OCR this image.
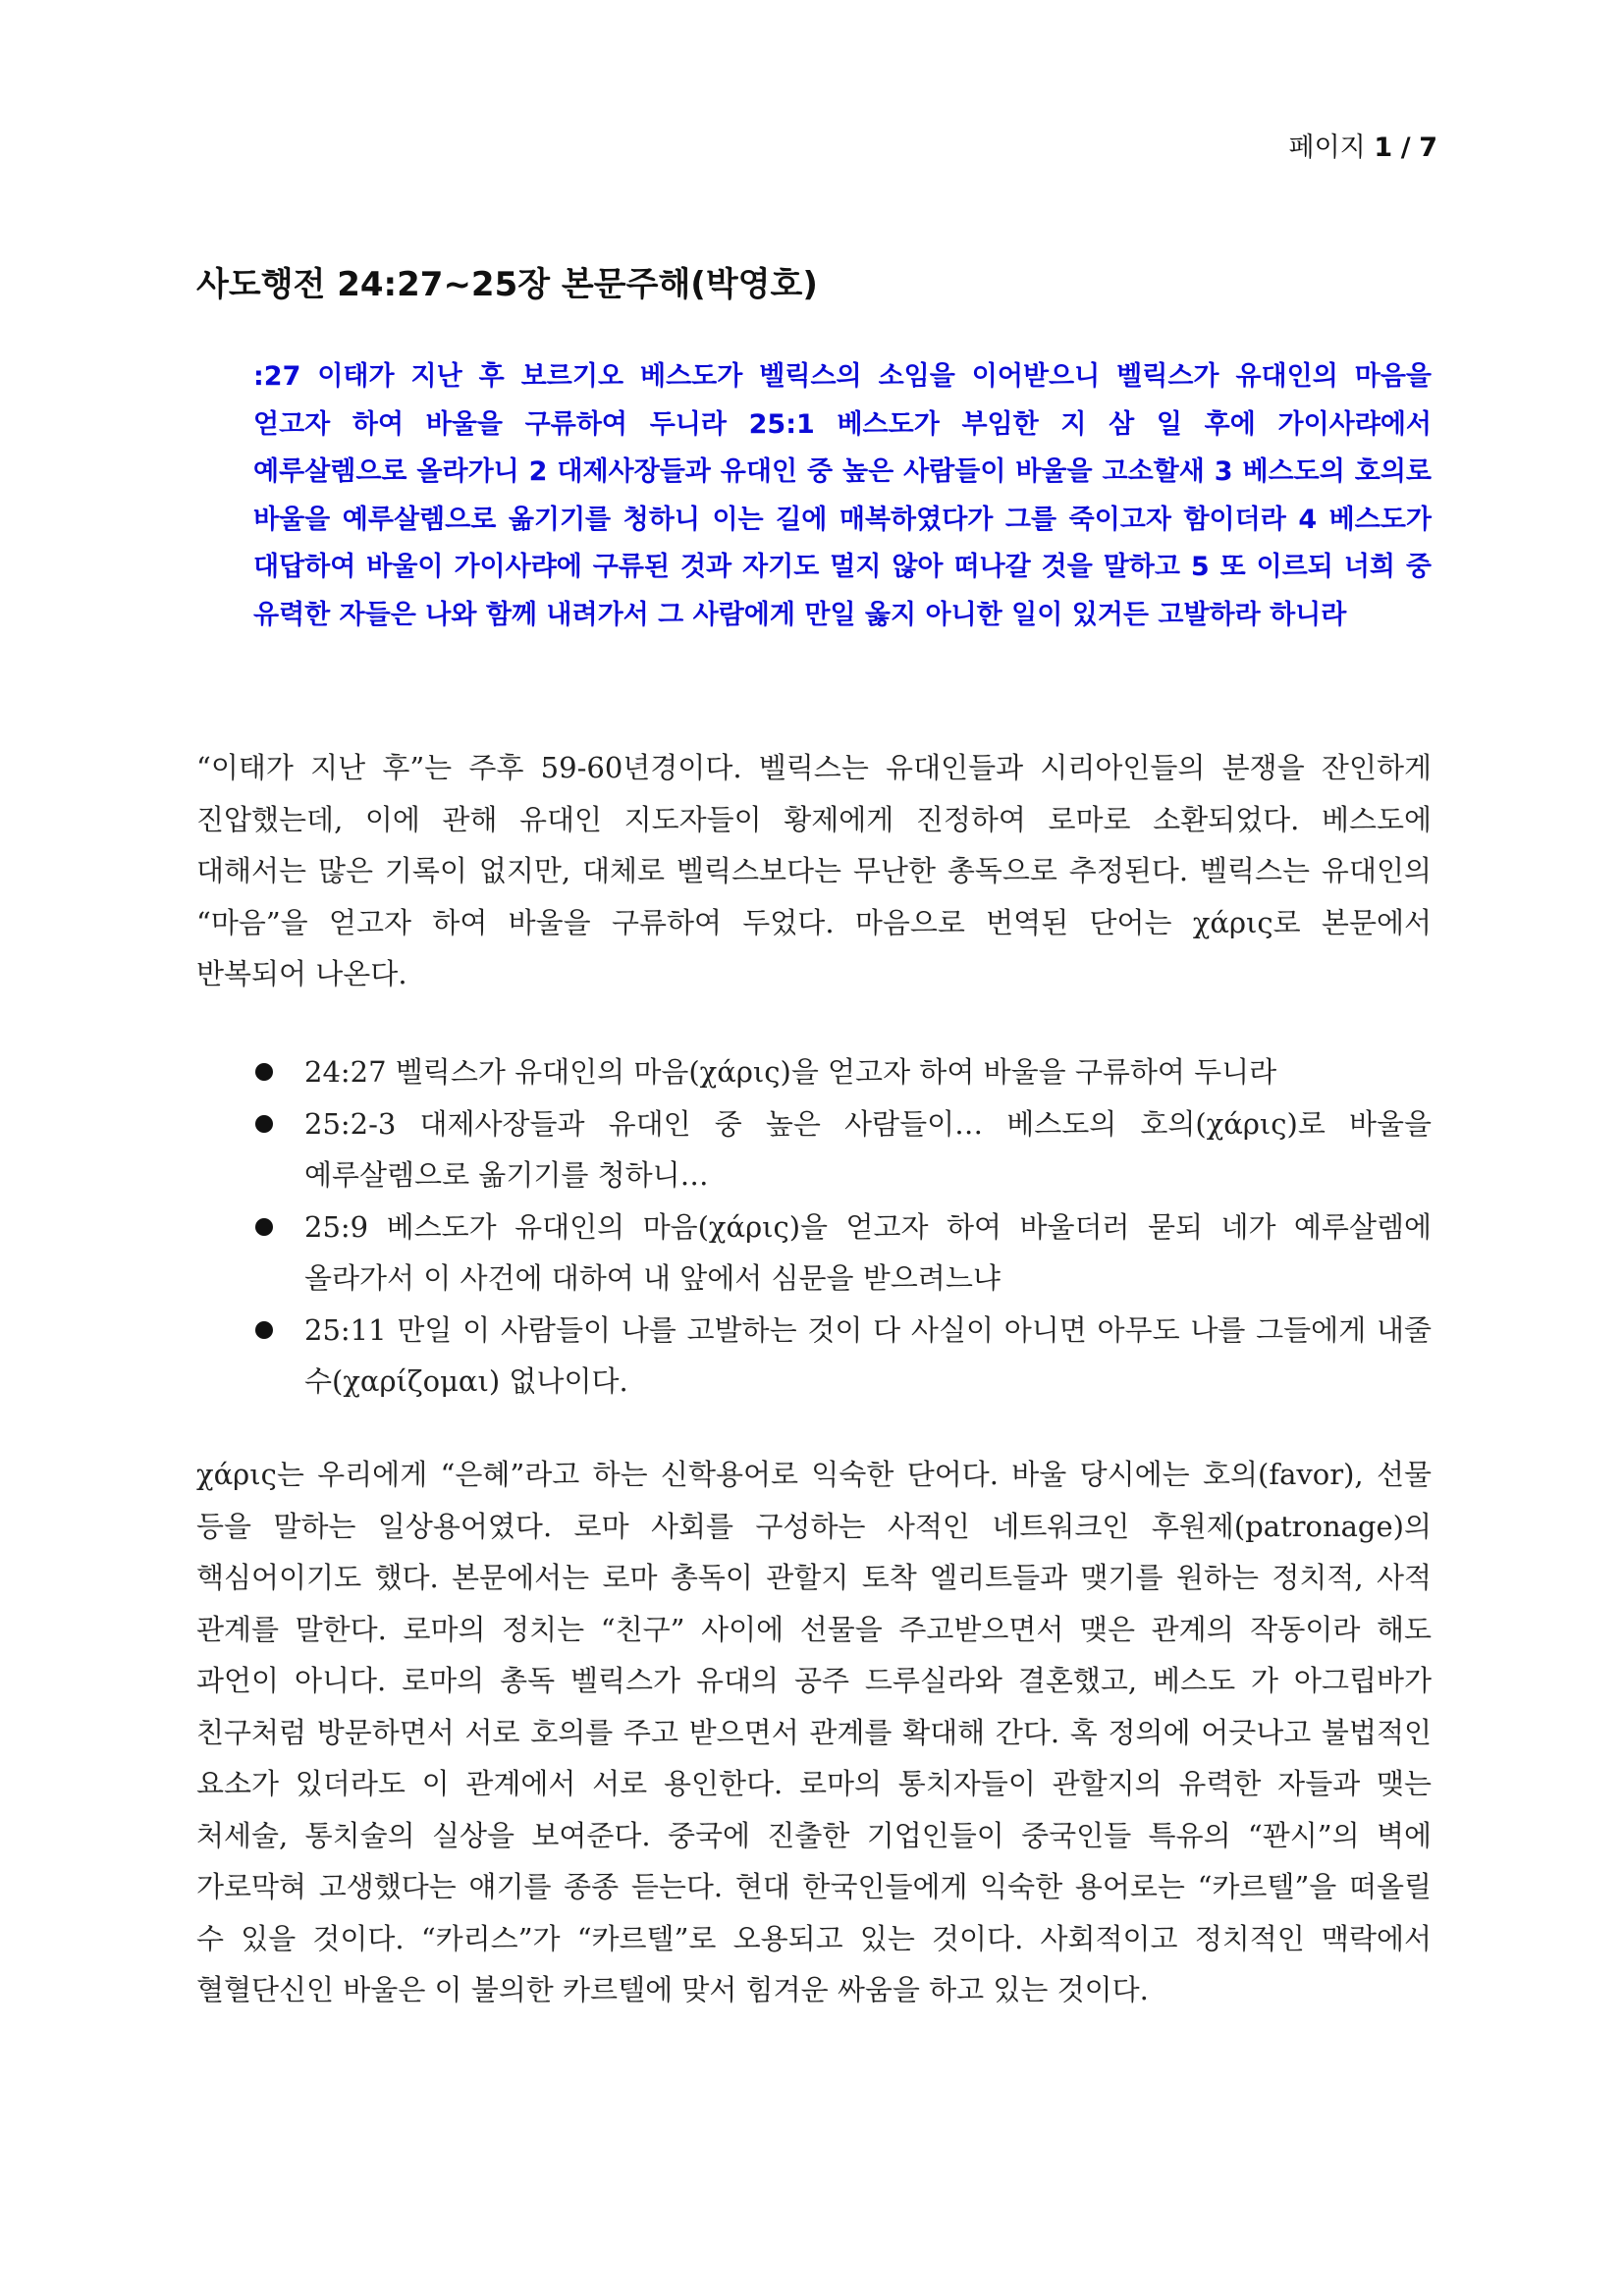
페이지 1 / 7
사도행전 24:27~25장 본문주해(박영호)

:27 이태가 지난 후 보르기오 베스도가 벨릭스의 소임을 이어받으니 벨릭스가 유대인의 마음을 얻고자 하여 바울을 구류하여 두니라 25:1 베스도가 부임한 지 삼 일 후에 가이사랴에서 예루살렘으로 올라가니 2 대제사장들과 유대인 중 높은 사람들이 바울을 고소할새 3 베스도의 호의로 바울을 예루살렘으로 옮기기를 청하니 이는 길에 매복하였다가 그를 죽이고자 함이더라 4 베스도가 대답하여 바울이 가이사랴에 구류된 것과 자기도 멀지 않아 떠나갈 것을 말하고 5 또 이르되 너희 중 유력한 자들은 나와 함께 내려가서 그 사람에게 만일 옳지 아니한 일이 있거든 고발하라 하니라

“이태가 지난 후”는 주후 59-60년경이다. 벨릭스는 유대인들과 시리아인들의 분쟁을 잔인하게 진압했는데, 이에 관해 유대인 지도자들이 황제에게 진정하여 로마로 소환되었다. 베스도에 대해서는 많은 기록이 없지만, 대체로 벨릭스보다는 무난한 총독으로 추정된다. 벨릭스는 유대인의 “마음”을 얻고자 하여 바울을 구류하여 두었다. 마음으로 번역된 단어는 χάρις로 본문에서 반복되어 나온다.

24:27 벨릭스가 유대인의 마음(χάρις)을 얻고자 하여 바울을 구류하여 두니라
25:2-3 대제사장들과 유대인 중 높은 사람들이… 베스도의 호의(χάρις)로 바울을 예루살렘으로 옮기기를 청하니…
25:9 베스도가 유대인의 마음(χάρις)을 얻고자 하여 바울더러 묻되 네가 예루살렘에 올라가서 이 사건에 대하여 내 앞에서 심문을 받으려느냐
25:11 만일 이 사람들이 나를 고발하는 것이 다 사실이 아니면 아무도 나를 그들에게 내줄 수(χαρίζομαι) 없나이다.

χάρις는 우리에게 “은혜”라고 하는 신학용어로 익숙한 단어다. 바울 당시에는 호의(favor), 선물 등을 말하는 일상용어였다. 로마 사회를 구성하는 사적인 네트워크인 후원제(patronage)의 핵심어이기도 했다. 본문에서는 로마 총독이 관할지 토착 엘리트들과 맺기를 원하는 정치적, 사적 관계를 말한다. 로마의 정치는 “친구” 사이에 선물을 주고받으면서 맺은 관계의 작동이라 해도 과언이 아니다. 로마의 총독 벨릭스가 유대의 공주 드루실라와 결혼했고, 베스도 가 아그립바가 친구처럼 방문하면서 서로 호의를 주고 받으면서 관계를 확대해 간다. 혹 정의에 어긋나고 불법적인 요소가 있더라도 이 관계에서 서로 용인한다. 로마의 통치자들이 관할지의 유력한 자들과 맺는 처세술, 통치술의 실상을 보여준다. 중국에 진출한 기업인들이 중국인들 특유의 “꽌시”의 벽에 가로막혀 고생했다는 얘기를 종종 듣는다. 현대 한국인들에게 익숙한 용어로는 “카르텔”을 떠올릴 수 있을 것이다. “카리스”가 “카르텔”로 오용되고 있는 것이다. 사회적이고 정치적인 맥락에서 혈혈단신인 바울은 이 불의한 카르텔에 맞서 힘겨운 싸움을 하고 있는 것이다.
